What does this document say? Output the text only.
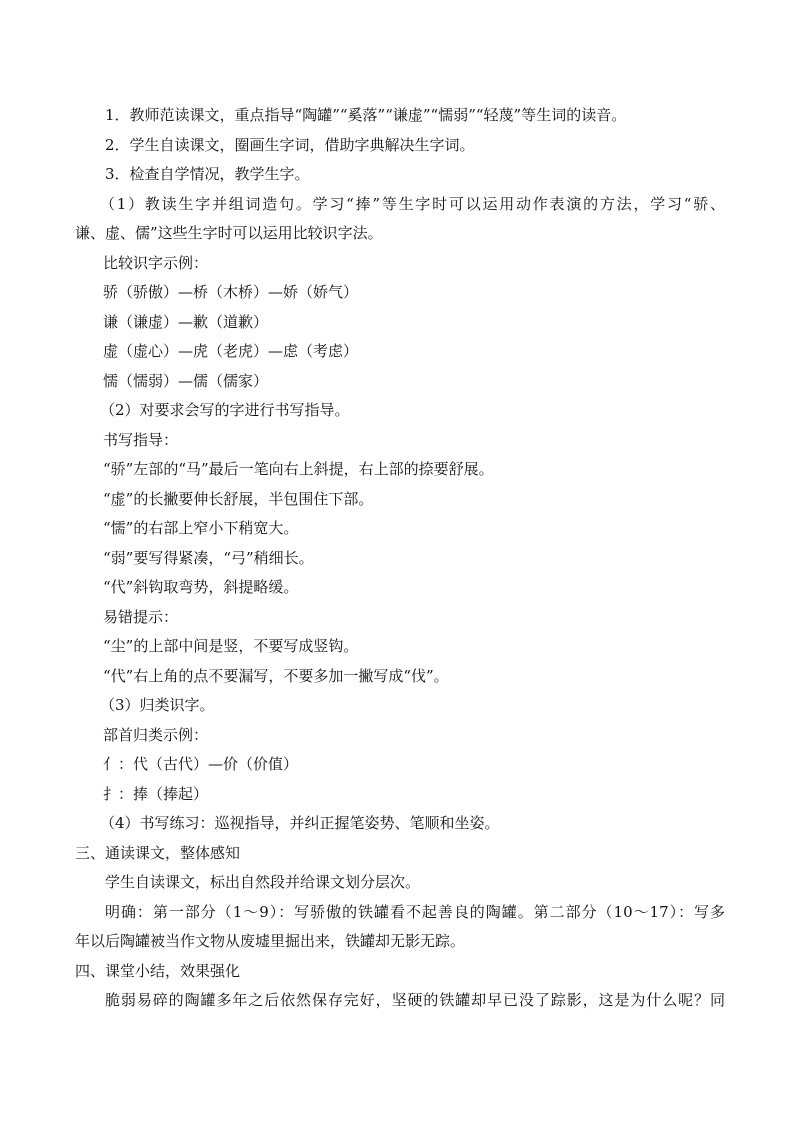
1．教师范读课文，重点指导“陶罐”“奚落”“谦虚”“懦弱”“轻蔑”等生词的读音。
2．学生自读课文，圈画生字词，借助字典解决生字词。
3．检查自学情况，教学生字。
（1）教读生字并组词造句。学习“捧”等生字时可以运用动作表演的方法，学习“骄、
谦、虚、儒”这些生字时可以运用比较识字法。
比较识字示例：
骄（骄傲）—桥（木桥）—娇（娇气）
谦（谦虚）—歉（道歉）
虚（虚心）—虎（老虎）—虑（考虑）
懦（懦弱）—儒（儒家）
（2）对要求会写的字进行书写指导。
书写指导：
“骄”左部的“马”最后一笔向右上斜提，右上部的捺要舒展。
“虚”的长撇要伸长舒展，半包围住下部。
“懦”的右部上窄小下稍宽大。
“弱”要写得紧凑，“弓”稍细长。
“代”斜钩取弯势，斜提略缓。
易错提示：
“尘”的上部中间是竖，不要写成竖钩。
“代”右上角的点不要漏写，不要多加一撇写成“伐”。
（3）归类识字。
部首归类示例：
亻：代（古代）—价（价值）
扌：捧（捧起）
（4）书写练习：巡视指导，并纠正握笔姿势、笔顺和坐姿。
三、通读课文，整体感知
学生自读课文，标出自然段并给课文划分层次。
明确：第一部分（1～9）：写骄傲的铁罐看不起善良的陶罐。第二部分（10～17）：写多
年以后陶罐被当作文物从废墟里掘出来，铁罐却无影无踪。
四、课堂小结，效果强化
脆弱易碎的陶罐多年之后依然保存完好，坚硬的铁罐却早已没了踪影，这是为什么呢？同
